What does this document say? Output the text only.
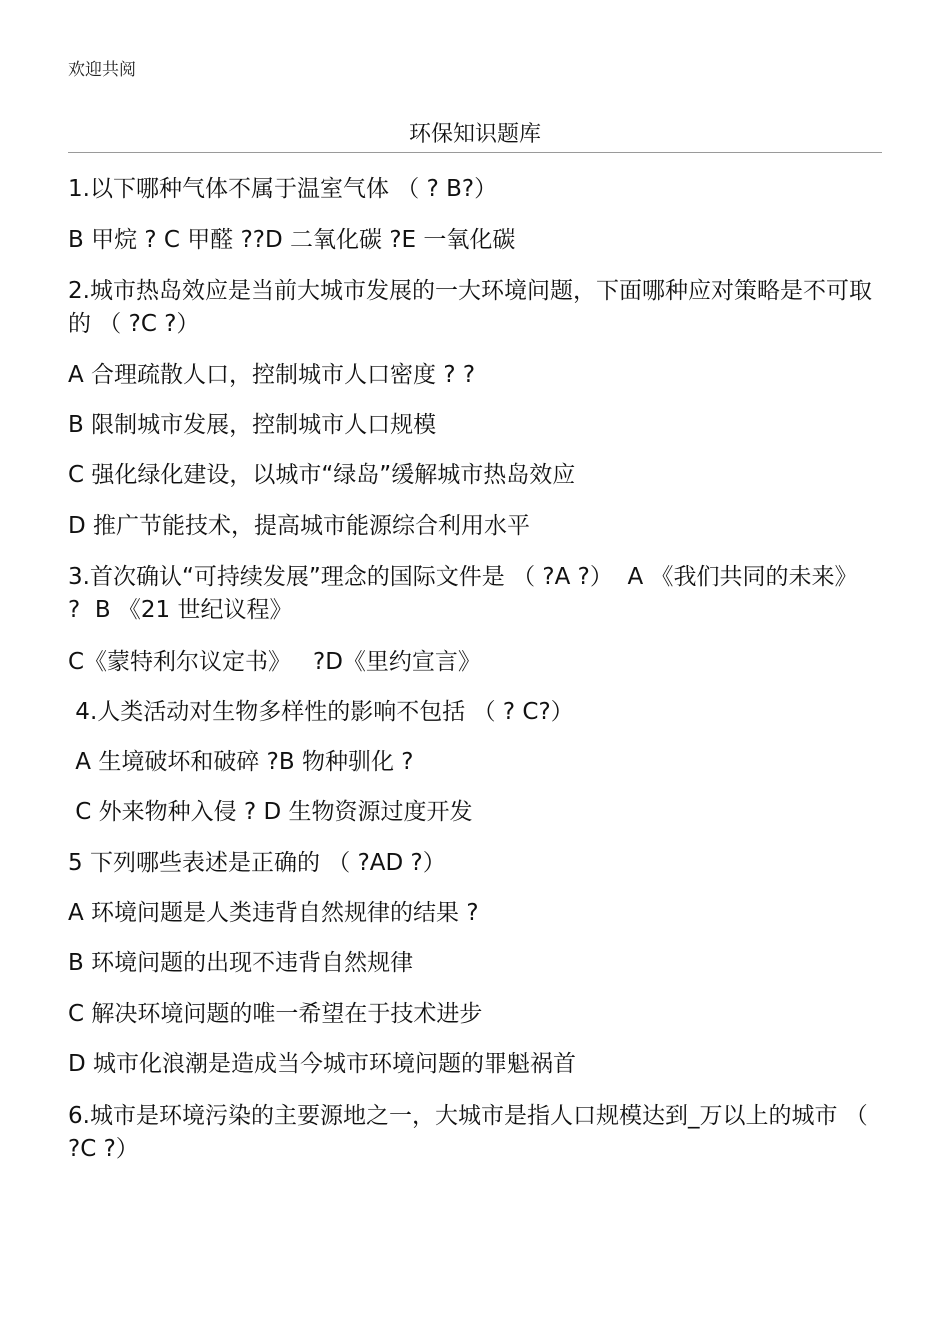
欢迎共阅
环保知识题库
1.以下哪种气体不属于温室气体 （ ? B?）
B 甲烷 ? C 甲醛 ??D 二氧化碳 ?E 一氧化碳
2.城市热岛效应是当前大城市发展的一大环境问题，下面哪种应对策略是不可取的 （ ?C ?）
A 合理疏散人口，控制城市人口密度 ? ?
B 限制城市发展，控制城市人口规模
C 强化绿化建设，以城市“绿岛”缓解城市热岛效应
D 推广节能技术，提高城市能源综合利用水平
3.首次确认“可持续发展”理念的国际文件是 （ ?A ?）  A 《我们共同的未来》  ?  B 《21 世纪议程》
C《蒙特利尔议定书》   ?D《里约宣言》
4.人类活动对生物多样性的影响不包括 （ ? C?）
A 生境破坏和破碎 ?B 物种驯化 ?
C 外来物种入侵 ? D 生物资源过度开发
5 下列哪些表述是正确的 （ ?AD ?）
A 环境问题是人类违背自然规律的结果 ?
B 环境问题的出现不违背自然规律
C 解决环境问题的唯一希望在于技术进步
D 城市化浪潮是造成当今城市环境问题的罪魁祸首
6.城市是环境污染的主要源地之一，大城市是指人口规模达到_万以上的城市 （ ?C ?）
